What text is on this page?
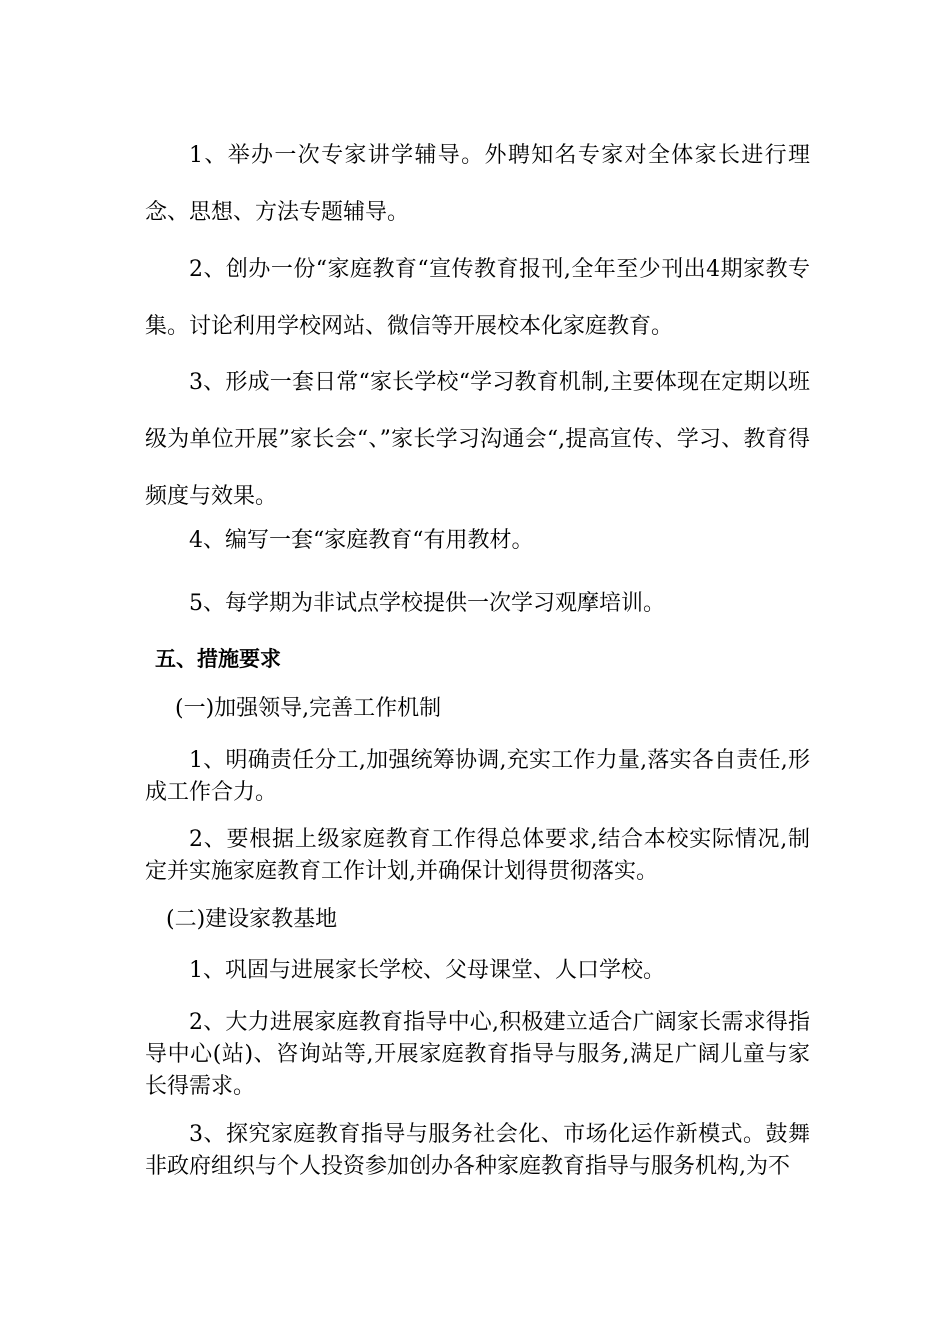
1、举办一次专家讲学辅导。外聘知名专家对全体家长进行理念、思想、方法专题辅导。

2、创办一份“家庭教育“宣传教育报刊,全年至少刊出4期家教专集。讨论利用学校网站、微信等开展校本化家庭教育。

3、形成一套日常“家长学校“学习教育机制,主要体现在定期以班级为单位开展”家长会“、”家长学习沟通会“,提高宣传、学习、教育得频度与效果。

4、编写一套“家庭教育“有用教材。

5、每学期为非试点学校提供一次学习观摩培训。

五、措施要求

(一)加强领导,完善工作机制

1、明确责任分工,加强统筹协调,充实工作力量,落实各自责任,形成工作合力。

2、要根据上级家庭教育工作得总体要求,结合本校实际情况,制定并实施家庭教育工作计划,并确保计划得贯彻落实。

(二)建设家教基地

1、巩固与进展家长学校、父母课堂、人口学校。

2、大力进展家庭教育指导中心,积极建立适合广阔家长需求得指导中心(站)、咨询站等,开展家庭教育指导与服务,满足广阔儿童与家长得需求。

3、探究家庭教育指导与服务社会化、市场化运作新模式。鼓舞非政府组织与个人投资参加创办各种家庭教育指导与服务机构,为不
